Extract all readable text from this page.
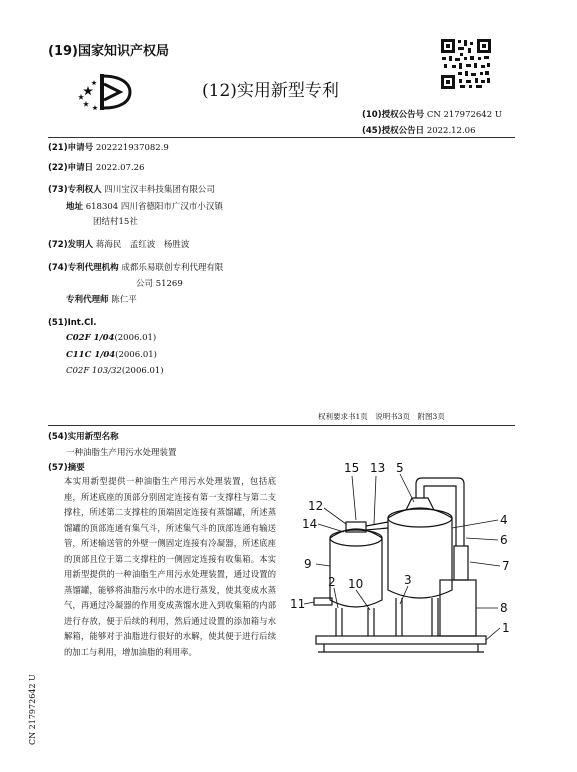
(19)国家知识产权局
(12)实用新型专利
(10)授权公告号 CN 217972642 U
(45)授权公告日 2022.12.06
(21)申请号 202221937082.9
(22)申请日 2022.07.26
(73)专利权人 四川宝汉丰科技集团有限公司
地址 618304 四川省德阳市广汉市小汉镇
团结村15社
(72)发明人 蒋海民　孟红波　杨胜波
(74)专利代理机构 成都乐易联创专利代理有限
公司 51269
专利代理师 陈仁平
(51)Int.Cl.
C02F 1/04(2006.01)
C11C 1/04(2006.01)
C02F 103/32(2006.01)
权利要求书1页　说明书3页　附图3页
(54)实用新型名称
一种油脂生产用污水处理装置
(57)摘要
本实用新型提供一种油脂生产用污水处理装置，包括底座，所述底座的顶部分别固定连接有第一支撑柱与第二支撑柱，所述第二支撑柱的顶端固定连接有蒸馏罐，所述蒸馏罐的顶部连通有集气斗，所述集气斗的顶部连通有输送管，所述输送管的外壁一侧固定连接有冷凝器，所述底座的顶部且位于第二支撑柱的一侧固定连接有收集箱。本实用新型提供的一种油脂生产用污水处理装置，通过设置的蒸馏罐，能够将油脂污水中的水进行蒸发，使其变成水蒸气，再通过冷凝器的作用变成蒸馏水进入到收集箱的内部进行存放，便于后续的利用，然后通过设置的添加箱与水解箱，能够对于油脂进行很好的水解，使其便于进行后续的加工与利用，增加油脂的利用率。
15 13 5
12
14	4
6
9	7
2 10	3
11	8
1
CN 217972642 U
